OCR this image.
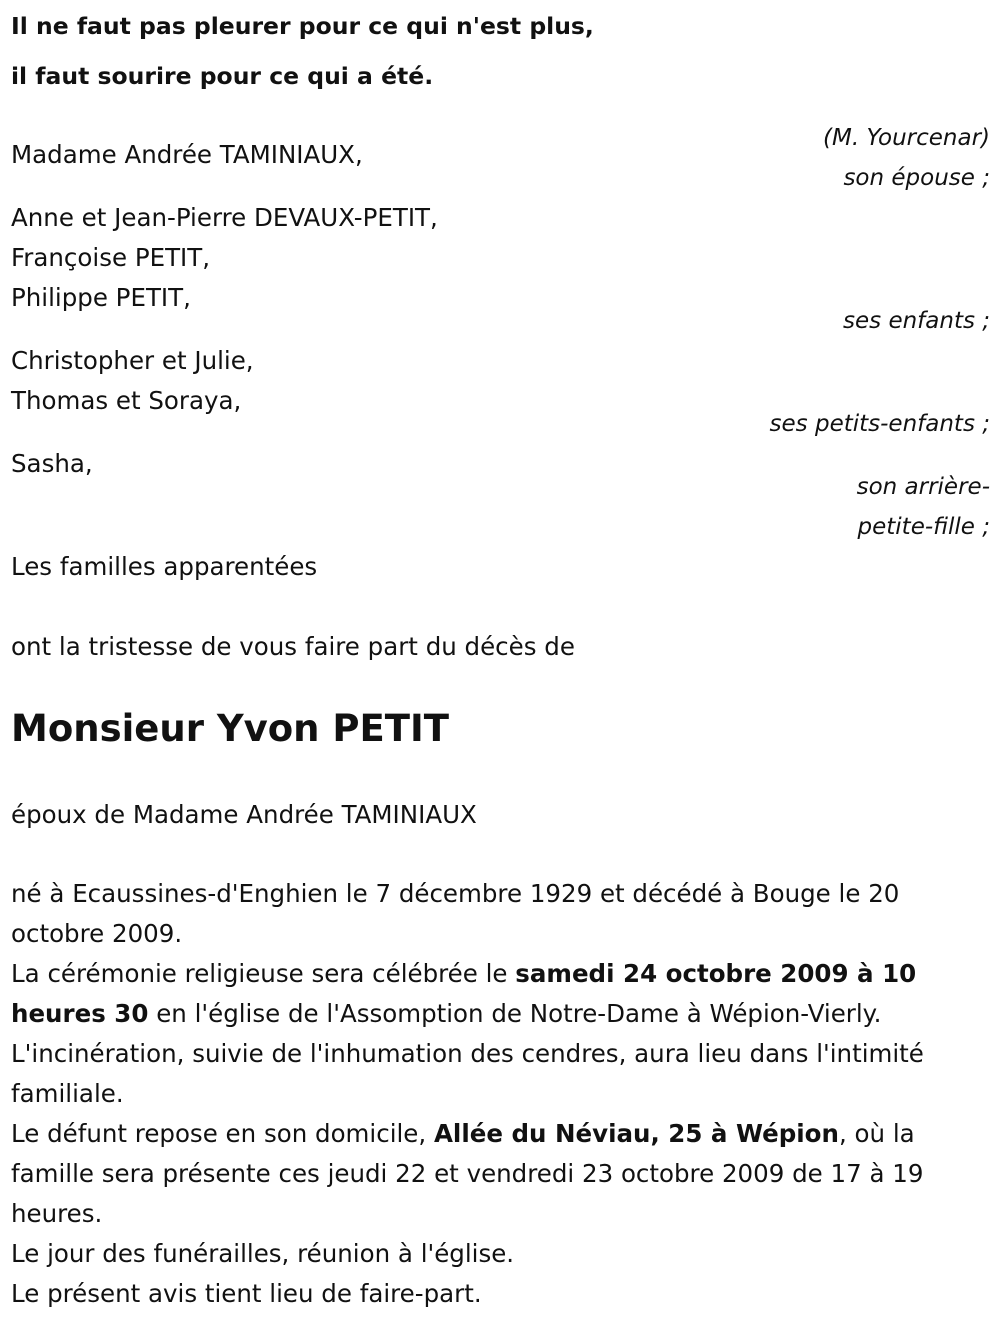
Il ne faut pas pleurer pour ce qui n'est plus,
il faut sourire pour ce qui a été.
(M. Yourcenar)
Madame Andrée TAMINIAUX,
son épouse ;
Anne et Jean-Pierre DEVAUX-PETIT,
Françoise PETIT,
Philippe PETIT,
ses enfants ;
Christopher et Julie,
Thomas et Soraya,
ses petits-enfants ;
Sasha,
son arrière-
petite-fille ;
Les familles apparentées
ont la tristesse de vous faire part du décès de
Monsieur Yvon PETIT
époux de Madame Andrée TAMINIAUX

né à Ecaussines-d'Enghien le 7 décembre 1929 et décédé à Bouge le 20 octobre 2009.

La cérémonie religieuse sera célébrée le samedi 24 octobre 2009 à 10 heures 30 en l'église de l'Assomption de Notre-Dame à Wépion-Vierly.

L'incinération, suivie de l'inhumation des cendres, aura lieu dans l'intimité familiale.

Le défunt repose en son domicile, Allée du Néviau, 25 à Wépion, où la famille sera présente ces jeudi 22 et vendredi 23 octobre 2009 de 17 à 19 heures.

Le jour des funérailles, réunion à l'église.

Le présent avis tient lieu de faire-part.
